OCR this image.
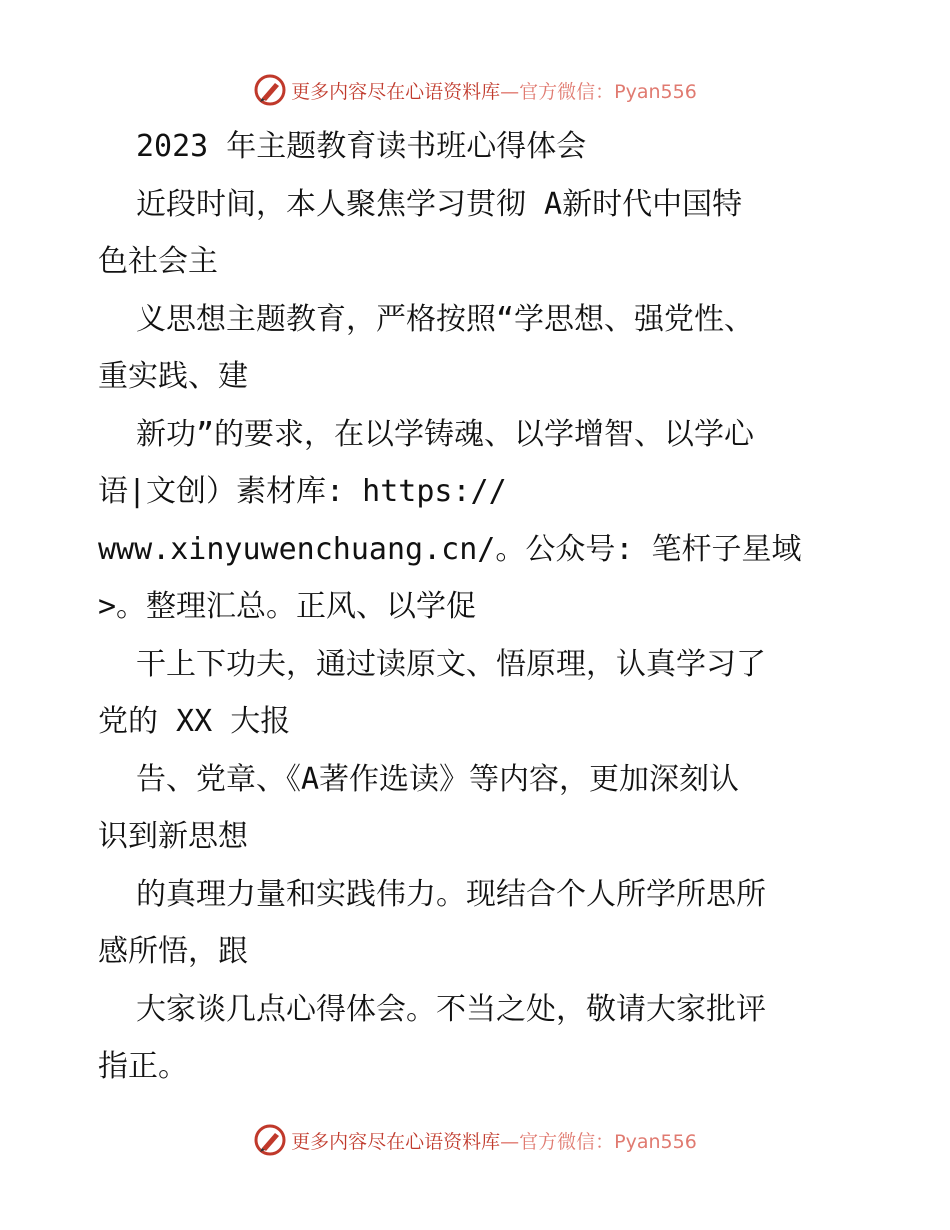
更多内容尽在心语资料库 —官方微信：Pyan556
2023 年主题教育读书班心得体会
近段时间，本人聚焦学习贯彻 A新时代中国特
色社会主
义思想主题教育，严格按照“学思想、强党性、
重实践、建
新功”的要求，在以学铸魂、以学增智、以学心
语|文创）素材库: https://
www.xinyuwenchuang.cn/。公众号: 笔杆子星域
>。整理汇总。正风、以学促
干上下功夫，通过读原文、悟原理，认真学习了
党的 XX 大报
告、党章、《A著作选读》等内容，更加深刻认
识到新思想
的真理力量和实践伟力。现结合个人所学所思所
感所悟，跟
大家谈几点心得体会。不当之处，敬请大家批评
指正。
更多内容尽在心语资料库 —官方微信：Pyan556
